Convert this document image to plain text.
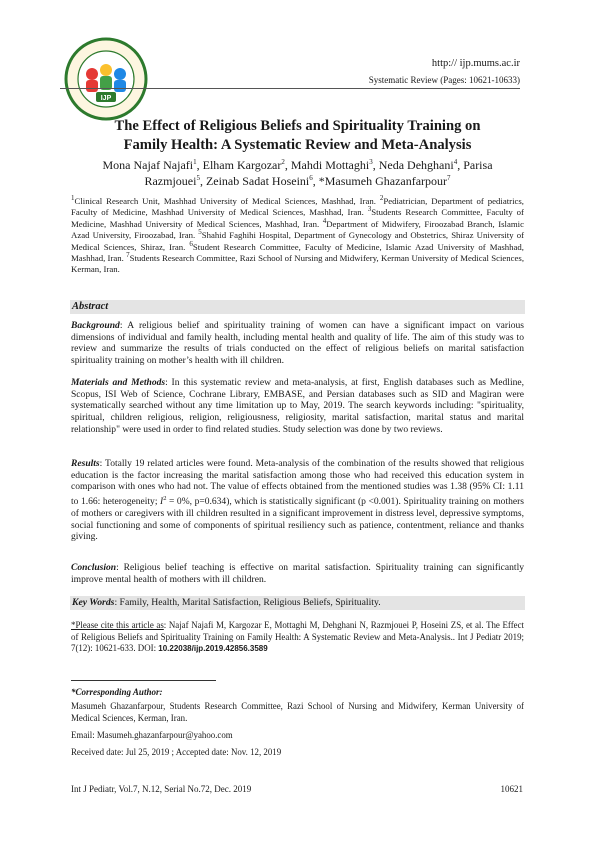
IJP
http:// ijp.mums.ac.ir
Systematic Review (Pages: 10621-10633)
The Effect of Religious Beliefs and Spirituality Training on
Family Health: A Systematic Review and Meta-Analysis
Mona Najaf Najafi$^1$, Elham Kargozar$^2$, Mahdi Mottaghi$^3$, Neda Dehghani$^4$, Parisa Razmjouei$^5$, Zeinab Sadat Hoseini$^6$, *Masumeh Ghazanfarpour$^7$
$^1$Clinical Research Unit, Mashhad University of Medical Sciences, Mashhad, Iran. $^2$Pediatrician, Department of pediatrics, Faculty of Medicine, Mashhad University of Medical Sciences, Mashhad, Iran. $^3$Students Research Committee, Faculty of Medicine, Mashhad University of Medical Sciences, Mashhad, Iran. $^4$Department of Midwifery, Firoozabad Branch, Islamic Azad University, Firoozabad, Iran. $^5$Shahid Faghihi Hospital, Department of Gynecology and Obstetrics, Shiraz University of Medical Sciences, Shiraz, Iran. $^6$Student Research Committee, Faculty of Medicine, Islamic Azad University of Mashhad, Mashhad, Iran. $^7$Students Research Committee, Razi School of Nursing and Midwifery, Kerman University of Medical Sciences, Kerman, Iran.
Abstract
Background: A religious belief and spirituality training of women can have a significant impact on various dimensions of individual and family health, including mental health and quality of life. The aim of this study was to review and summarize the results of trials conducted on the effect of religious beliefs on marital satisfaction spirituality training on mother’s health with ill children.
Materials and Methods: In this systematic review and meta-analysis, at first, English databases such as Medline, Scopus, ISI Web of Science, Cochrane Library, EMBASE, and Persian databases such as SID and Magiran were systematically searched without any time limitation up to May, 2019. The search keywords including: "spirituality, spiritual, children religious, religion, religiousness, religiosity, marital satisfaction, marital status and marital relationship" were used in order to find related studies. Study selection was done by two reviews.
Results: Totally 19 related articles were found. Meta-analysis of the combination of the results showed that religious education is the factor increasing the marital satisfaction among those who had received this education system in comparison with ones who had not. The value of effects obtained from the mentioned studies was 1.38 (95% CI: 1.11 to 1.66: heterogeneity; $I^2 = 0\%$, p=0.634), which is statistically significant (p <0.001). Spirituality training on mothers of mothers or caregivers with ill children resulted in a significant improvement in distress level, depressive symptoms, social functioning and some of components of spiritual resiliency such as patience, contentment, reliance and thanks giving.
Conclusion: Religious belief teaching is effective on marital satisfaction. Spirituality training can significantly improve mental health of mothers with ill children.
Key Words: Family, Health, Marital Satisfaction, Religious Beliefs, Spirituality.
*Please cite this article as: Najaf Najafi M, Kargozar E, Mottaghi M, Dehghani N, Razmjouei P, Hoseini ZS, et al. The Effect of Religious Beliefs and Spirituality Training on Family Health: A Systematic Review and Meta-Analysis.. Int J Pediatr 2019; 7(12): 10621-633. DOI: 10.22038/ijp.2019.42856.3589
*Corresponding Author:
Masumeh Ghazanfarpour, Students Research Committee, Razi School of Nursing and Midwifery, Kerman University of Medical Sciences, Kerman, Iran.
Email: Masumeh.ghazanfarpour@yahoo.com
Received date: Jul 25, 2019 ; Accepted date: Nov. 12, 2019
Int J Pediatr, Vol.7, N.12, Serial No.72, Dec. 2019	10621
